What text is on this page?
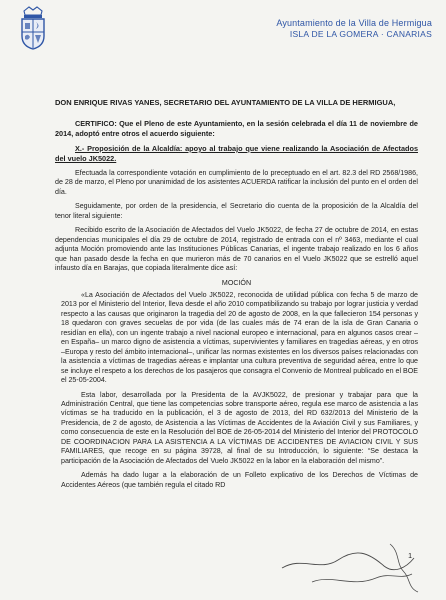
Ayuntamiento de la Villa de Hermigua
ISLA DE LA GOMERA · CANARIAS

DON ENRIQUE RIVAS YANES, SECRETARIO DEL AYUNTAMIENTO DE LA VILLA DE HERMIGUA,

CERTIFICO: Que el Pleno de este Ayuntamiento, en la sesión celebrada el día 11 de noviembre de 2014, adoptó entre otros el acuerdo siguiente:

X.- Proposición de la Alcaldía: apoyo al trabajo que viene realizando la Asociación de Afectados del vuelo JK5022.

Efectuada la correspondiente votación en cumplimiento de lo preceptuado en el art. 82.3 del RD 2568/1986, de 28 de marzo, el Pleno por unanimidad de los asistentes ACUERDA ratificar la inclusión del punto en el orden del día.

Seguidamente, por orden de la presidencia, el Secretario dio cuenta de la proposición de la Alcaldía del tenor literal siguiente:

Recibido escrito de la Asociación de Afectados del Vuelo JK5022, de fecha 27 de octubre de 2014, en estas dependencias municipales el día 29 de octubre de 2014, registrado de entrada con el nº 3463, mediante el cual adjunta Moción promoviendo ante las Instituciones Públicas Canarias, el ingente trabajo realizado en los 6 años que han pasado desde la fecha en que murieron más de 70 canarios en el Vuelo JK5022 que se estrelló aquel infausto día en Barajas, que copiada literalmente dice así:

MOCIÓN

«La Asociación de Afectados del Vuelo JK5022, reconocida de utilidad pública con fecha 5 de marzo de 2013 por el Ministerio del Interior, lleva desde el año 2010 compatibilizando su trabajo por lograr justicia y verdad respecto a las causas que originaron la tragedia del 20 de agosto de 2008, en la que fallecieron 154 personas y 18 quedaron con graves secuelas de por vida (de las cuales más de 74 eran de la isla de Gran Canaria o residían en ella), con un ingente trabajo a nivel nacional europeo e internacional, para en algunos casos crear –en España– un marco digno de asistencia a víctimas, supervivientes y familiares en tragedias aéreas, y en otros –Europa y resto del ámbito internacional–, unificar las normas existentes en los diversos países relacionadas con la asistencia a víctimas de tragedias aéreas e implantar una cultura preventiva de seguridad aérea, entre lo que se incluye el respeto a los derechos de los pasajeros que consagra el Convenio de Montreal publicado en el BOE el 25-05-2004.

Esta labor, desarrollada por la Presidenta de la AVJK5022, de presionar y trabajar para que la Administración Central, que tiene las competencias sobre transporte aéreo, regula ese marco de asistencia a las víctimas se ha traducido en la publicación, el 3 de agosto de 2013, del RD 632/2013 del Ministerio de la Presidencia, de 2 de agosto, de Asistencia a las Víctimas de Accidentes de la Aviación Civil y sus Familiares, y como consecuencia de este en la Resolución del BOE de 26-05-2014 del Ministerio del Interior del PROTOCOLO DE COORDINACION PARA LA ASISTENCIA A LA VÍCTIMAS DE ACCIDENTES DE AVIACION CIVIL Y SUS FAMILIARES, que recoge en su página 39728, al final de su Introducción, lo siguiente: “Se destaca la participación de la Asociación de Afectados del Vuelo JK5022 en la labor en la elaboración del mismo”.

Además ha dado lugar a la elaboración de un Folleto explicativo de los Derechos de Víctimas de Accidentes Aéreos (que también regula el citado RD

1
